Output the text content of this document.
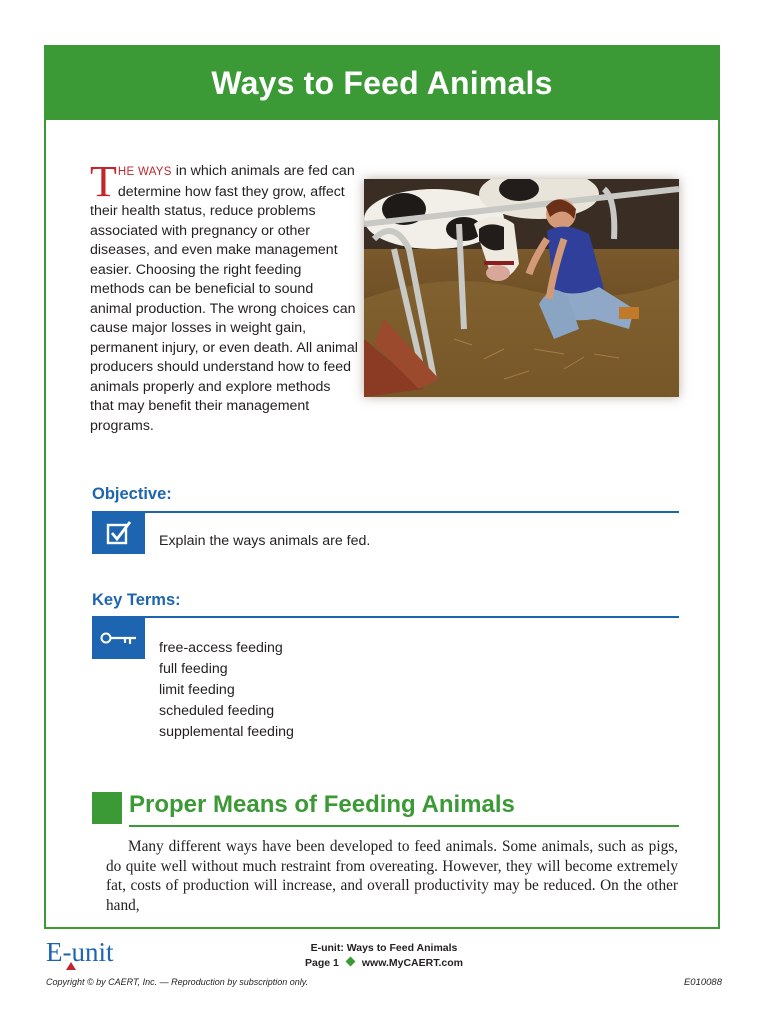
Ways to Feed Animals

THE WAYS in which animals are fed can determine how fast they grow, affect their health status, reduce problems associated with pregnancy or other diseases, and even make management easier. Choosing the right feeding methods can be beneficial to sound animal production. The wrong choices can cause major losses in weight gain, permanent injury, or even death. All animal producers should understand how to feed animals properly and explore methods that may benefit their management programs.

Objective:
Explain the ways animals are fed.
Key Terms:
free-access feeding
full feeding
limit feeding
scheduled feeding
supplemental feeding
Proper Means of Feeding Animals

Many different ways have been developed to feed animals. Some animals, such as pigs, do quite well without much restraint from overeating. However, they will become extremely fat, costs of production will increase, and overall productivity may be reduced. On the other hand,

E-unit	E-unit: Ways to Feed Animals
Page 1 www.MyCAERT.com
Copyright © by CAERT, Inc. — Reproduction by subscription only.	E010088
